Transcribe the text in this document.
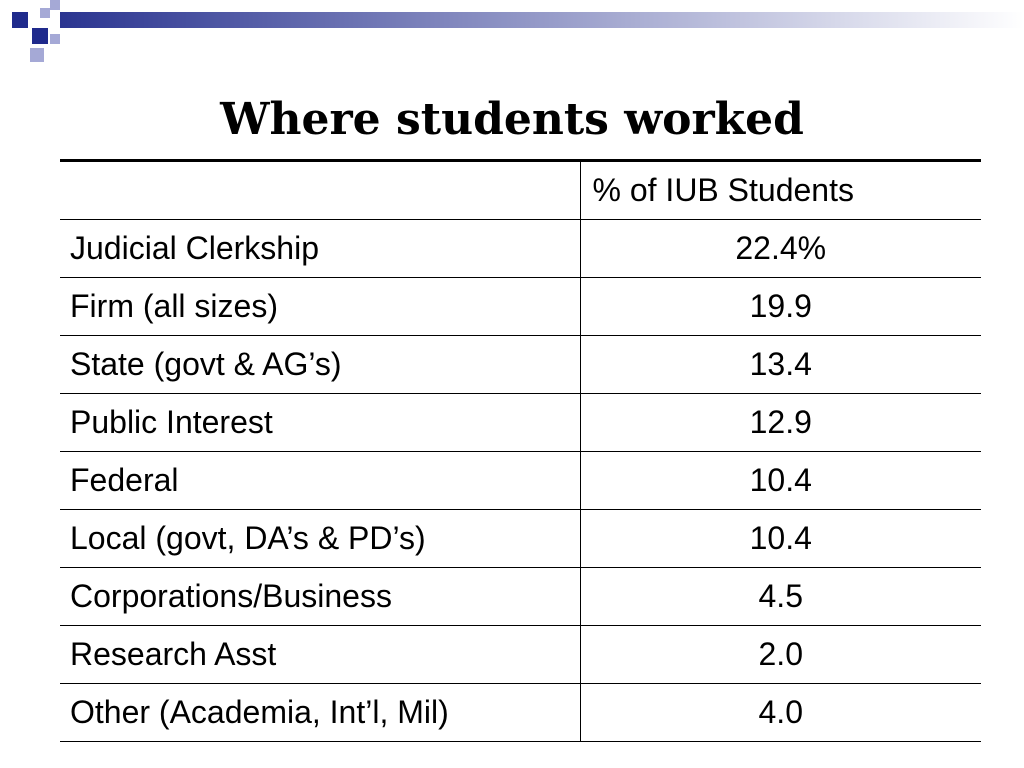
Where students worked
	% of IUB Students
Judicial Clerkship	22.4%
Firm (all sizes)	19.9
State (govt & AG’s)	13.4
Public Interest	12.9
Federal	10.4
Local (govt, DA’s & PD’s)	10.4
Corporations/Business	4.5
Research Asst	2.0
Other (Academia, Int’l, Mil)	4.0
